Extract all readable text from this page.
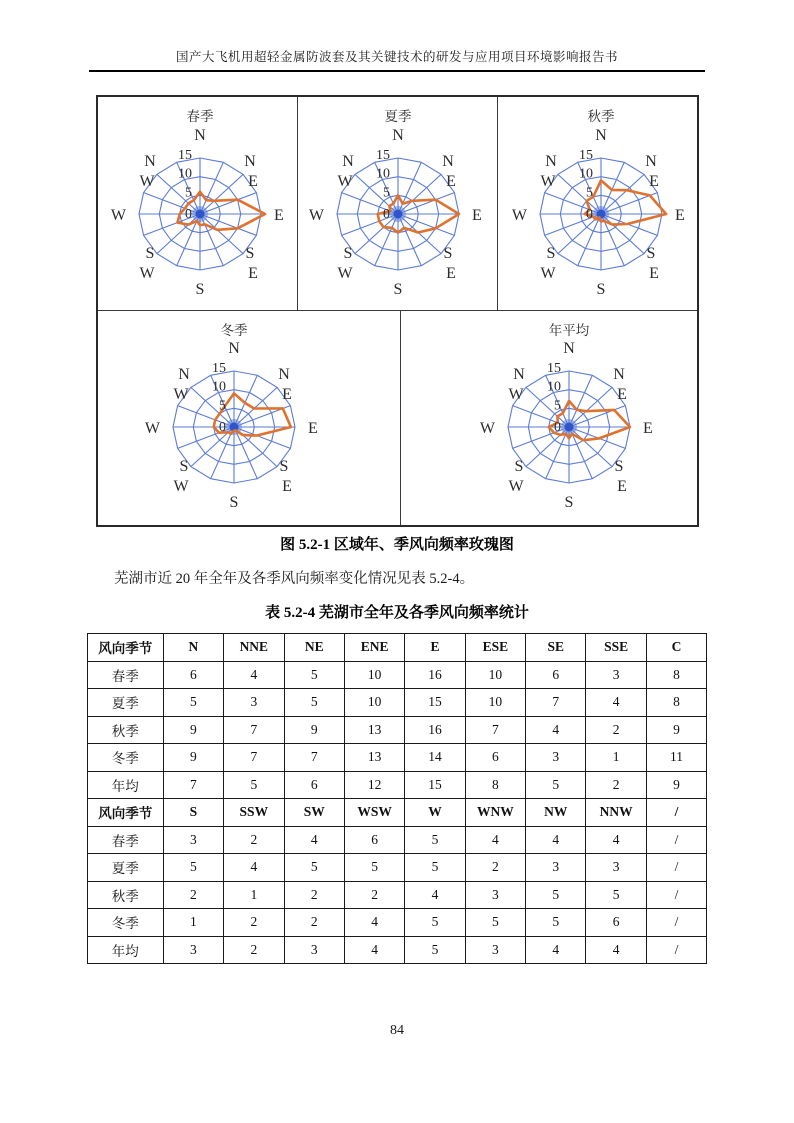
国产大飞机用超轻金属防波套及其关键技术的研发与应用项目环境影响报告书
15
10
5
0
N
E
S
W
N
E
S
E
S
W
N
W
春季
15
10
5
0
N
E
S
W
N
E
S
E
S
W
N
W
夏季
15
10
5
0
N
E
S
W
N
E
S
E
S
W
N
W
秋季
15
10
5
0
N
E
S
W
N
E
S
E
S
W
N
W
冬季
15
10
5
0
N
E
S
W
N
E
S
E
S
W
N
W
年平均
图 5.2-1 区域年、季风向频率玫瑰图

芜湖市近 20 年全年及各季风向频率变化情况见表 5.2-4。

表 5.2-4 芜湖市全年及各季风向频率统计
风向季节	N	NNE	NE	ENE	E	ESE	SE	SSE	C
春季	6	4	5	10	16	10	6	3	8
夏季	5	3	5	10	15	10	7	4	8
秋季	9	7	9	13	16	7	4	2	9
冬季	9	7	7	13	14	6	3	1	11
年均	7	5	6	12	15	8	5	2	9
风向季节	S	SSW	SW	WSW	W	WNW	NW	NNW	/
春季	3	2	4	6	5	4	4	4	/
夏季	5	4	5	5	5	2	3	3	/
秋季	2	1	2	2	4	3	5	5	/
冬季	1	2	2	4	5	5	5	6	/
年均	3	2	3	4	5	3	4	4	/
84
